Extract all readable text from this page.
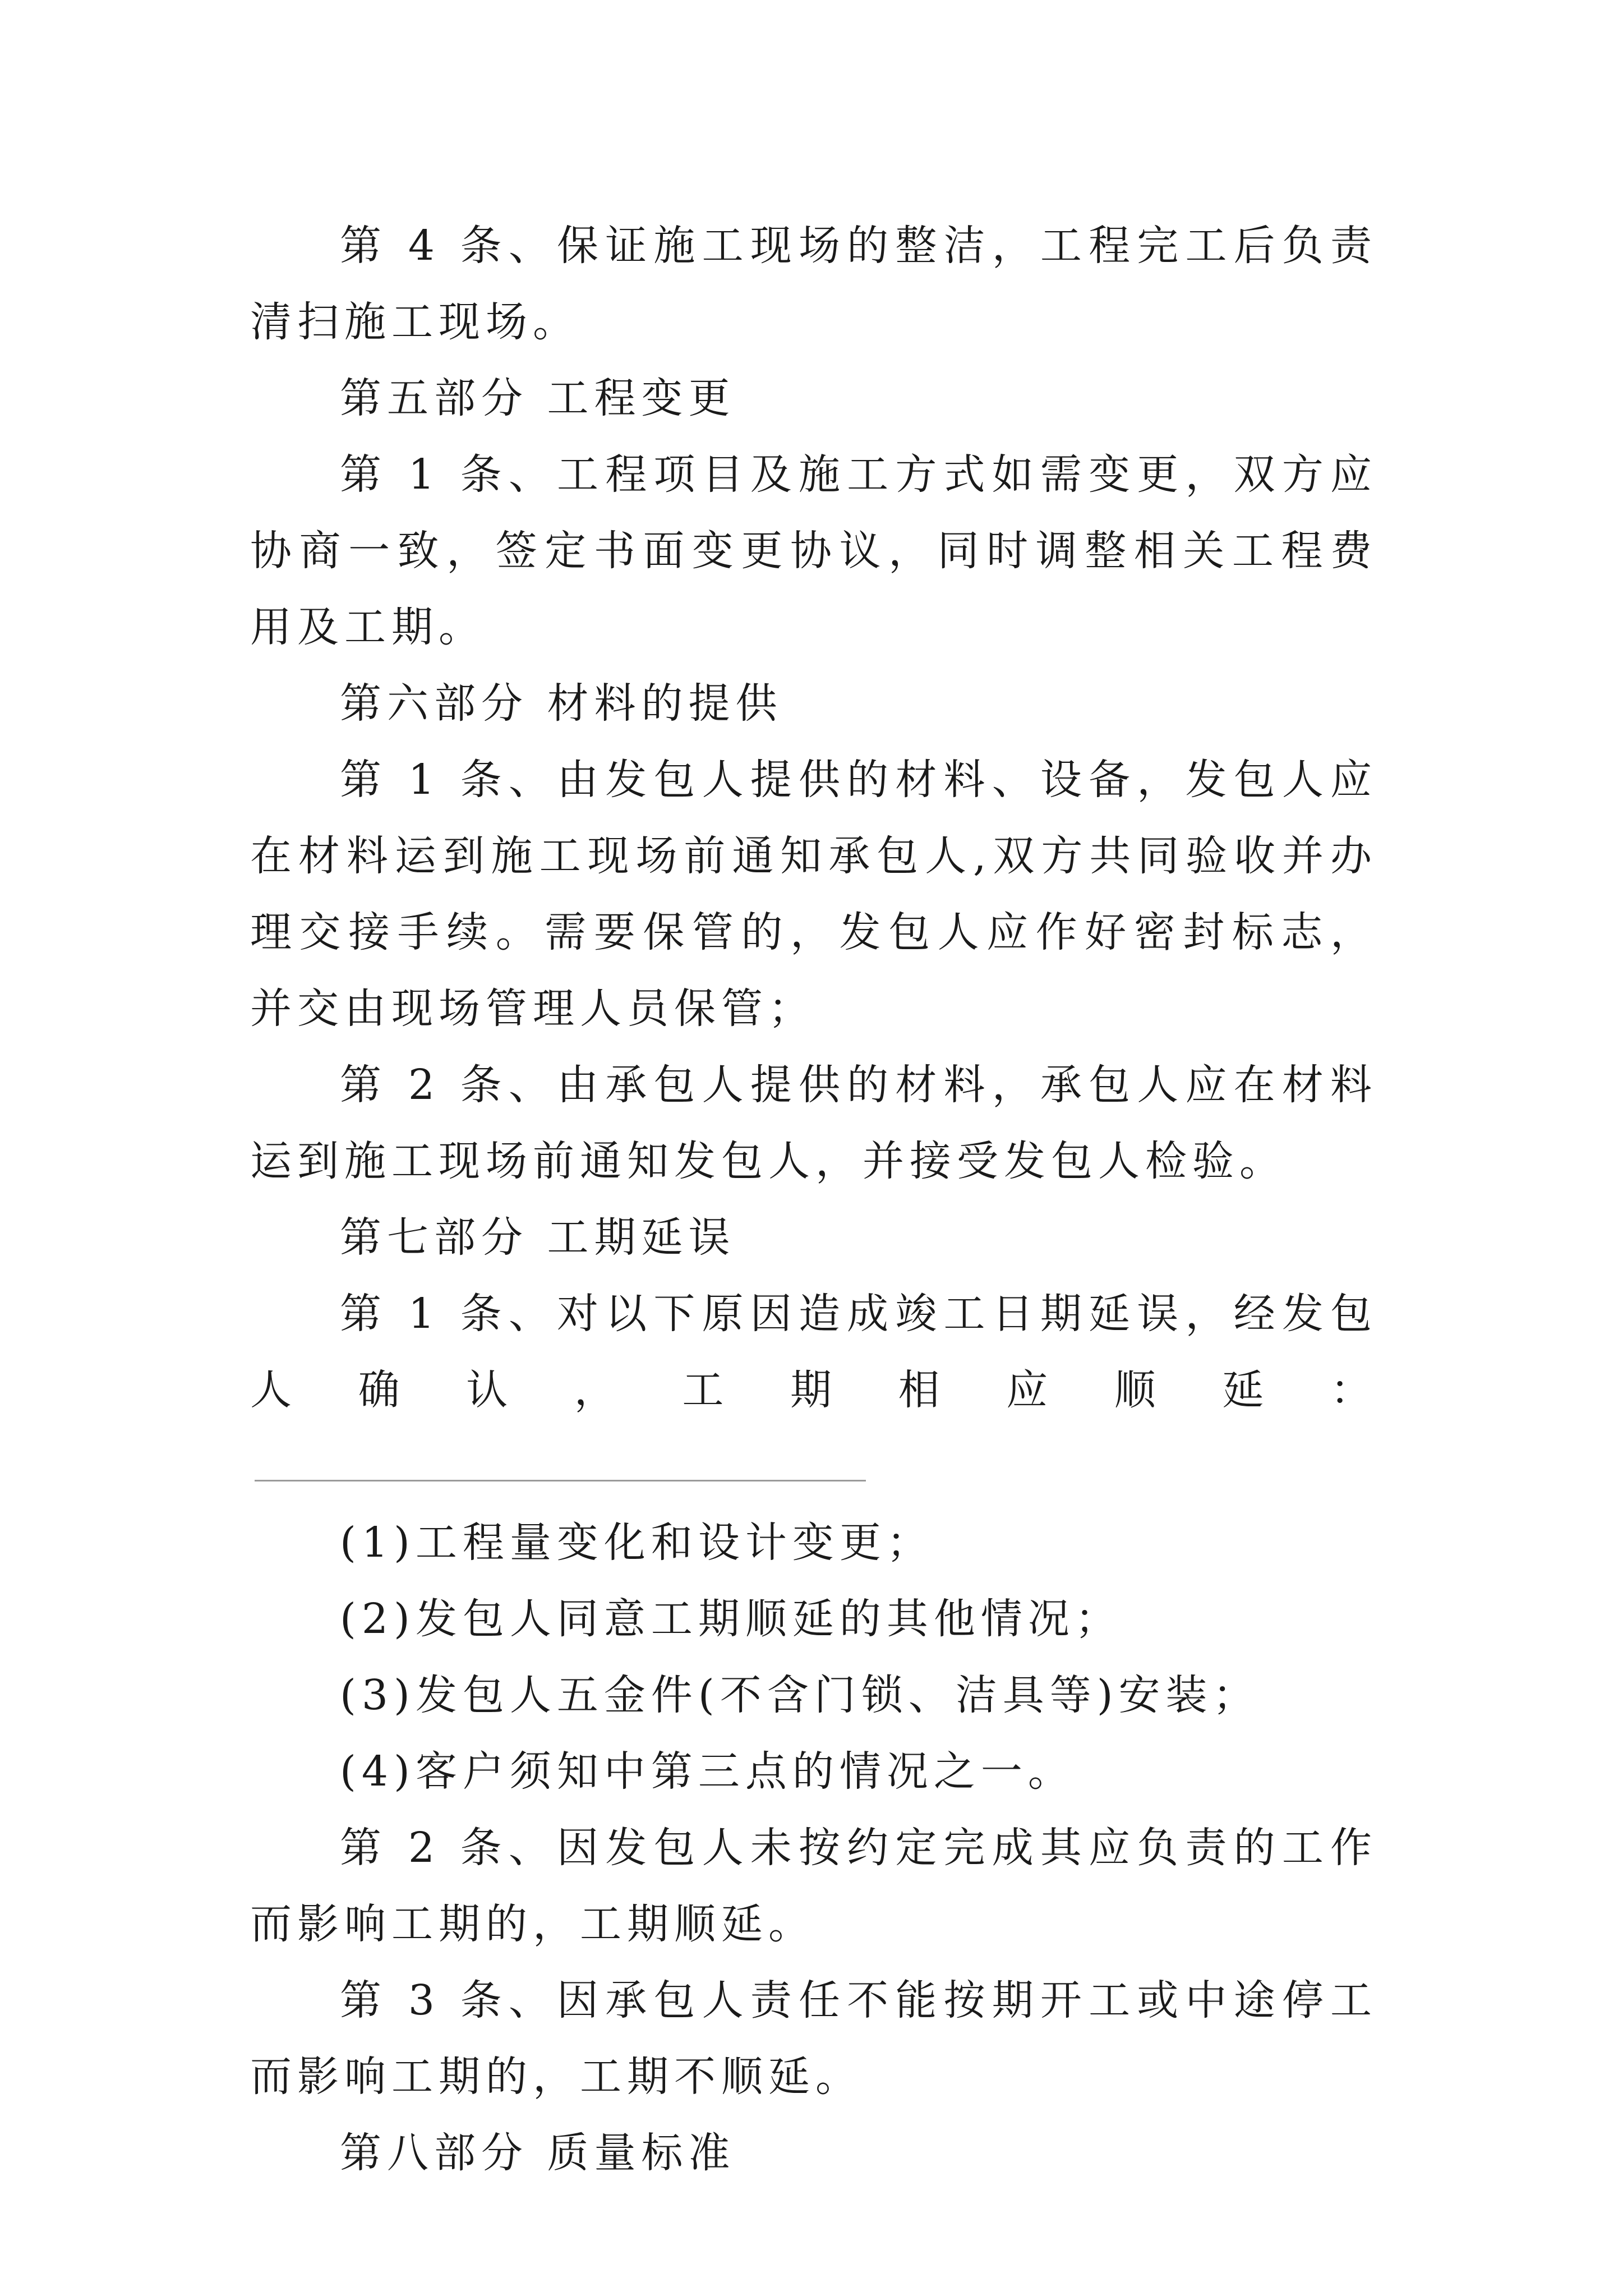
第 4 条、保证施工现场的整洁，工程完工后负责清扫施工现场。

第五部分 工程变更

第 1 条、工程项目及施工方式如需变更，双方应协商一致，签定书面变更协议，同时调整相关工程费用及工期。

第六部分 材料的提供

第 1 条、由发包人提供的材料、设备，发包人应在材料运到施工现场前通知承包人,双方共同验收并办理交接手续。需要保管的，发包人应作好密封标志，并交由现场管理人员保管；

第 2 条、由承包人提供的材料，承包人应在材料运到施工现场前通知发包人，并接受发包人检验。

第七部分 工期延误

第 1 条、对以下原因造成竣工日期延误，经发包人确认，工期相应顺延：

(1)工程量变化和设计变更；

(2)发包人同意工期顺延的其他情况；

(3)发包人五金件(不含门锁、洁具等)安装；

(4)客户须知中第三点的情况之一。

第 2 条、因发包人未按约定完成其应负责的工作而影响工期的，工期顺延。

第 3 条、因承包人责任不能按期开工或中途停工而影响工期的，工期不顺延。

第八部分 质量标准
